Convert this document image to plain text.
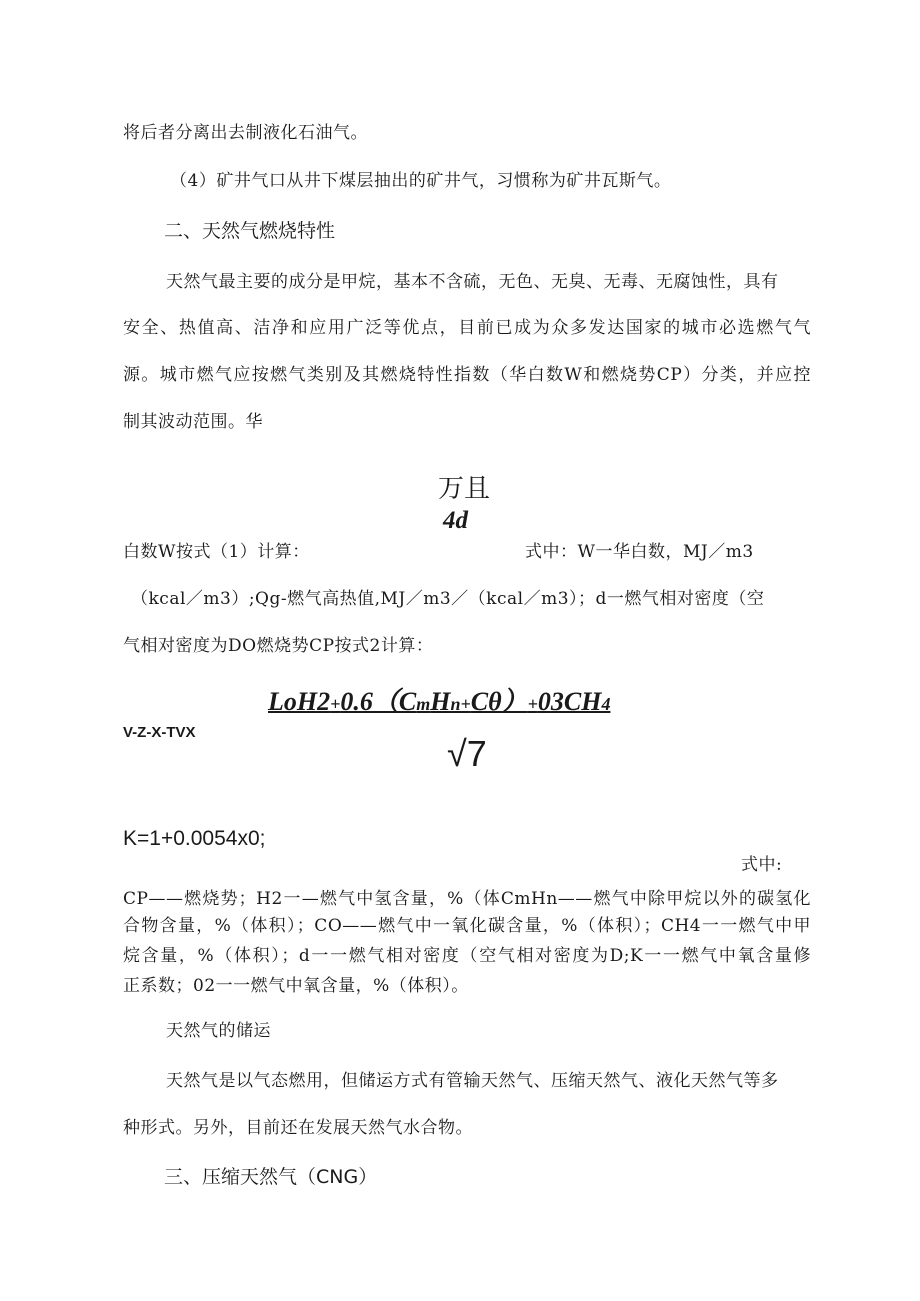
将后者分离出去制液化石油气。
（4）矿井气口从井下煤层抽出的矿井气，习惯称为矿井瓦斯气。
二、天然气燃烧特性
天然气最主要的成分是甲烷，基本不含硫，无色、无臭、无毒、无腐蚀性，具有
安全、热值高、洁净和应用广泛等优点，目前已成为众多发达国家的城市必选燃气气
源。城市燃气应按燃气类别及其燃烧特性指数（华白数W和燃烧势CP）分类，并应控
制其波动范围。华
万且
4d
白数W按式（1）计算：	式中：W一华白数，MJ／m3
（kcal／m3）;Qg-燃气高热值,MJ／m3／（kcal／m3）；d一燃气相对密度（空
气相对密度为DO燃烧势CP按式2计算：
V-Z-X-TVX
LoH2+0.6（CmHn+Cθ）+03CH4
√7
K=1+0.0054x0;
式中:
CP——燃烧势；H2一—燃气中氢含量，%（体CmHn——燃气中除甲烷以外的碳氢化
合物含量，%（体积）；CO——燃气中一氧化碳含量，%（体积）；CH4一一燃气中甲
烷含量，%（体积）；d一一燃气相对密度（空气相对密度为D;K一一燃气中氧含量修
正系数；02一一燃气中氧含量，%（体积）。
天然气的储运
天然气是以气态燃用，但储运方式有管输天然气、压缩天然气、液化天然气等多
种形式。另外，目前还在发展天然气水合物。
三、压缩天然气（CNG）
